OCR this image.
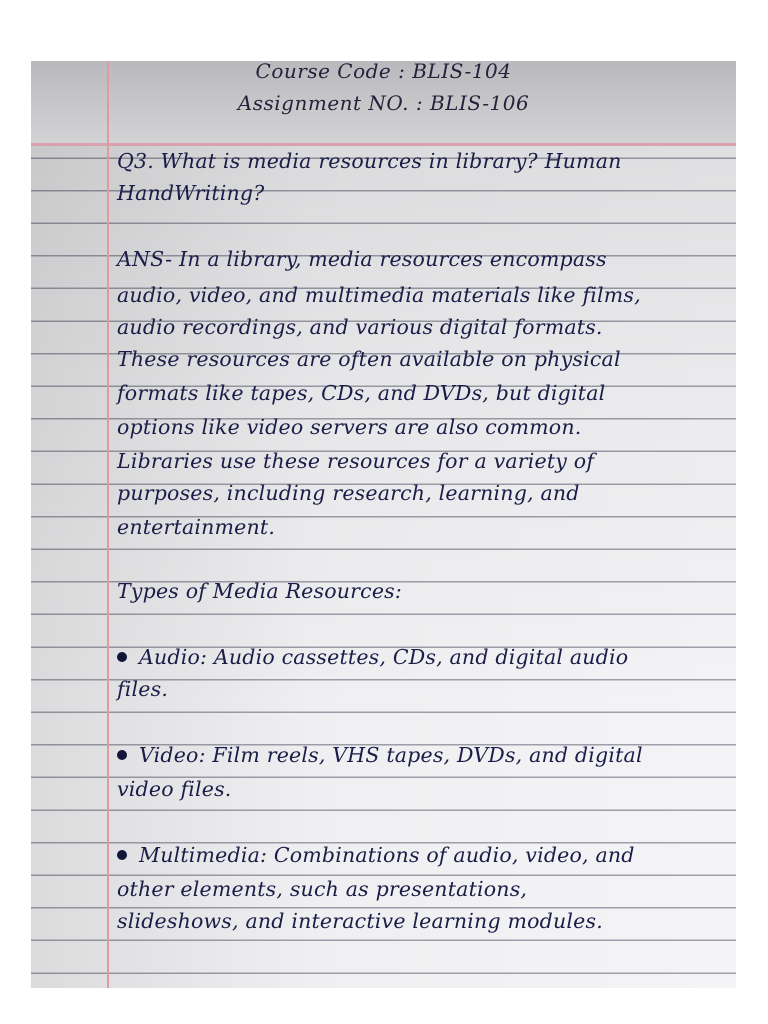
Course Code : BLIS-104
Assignment NO. : BLIS-106
Q3. What is media resources in library? Human
HandWriting?
ANS- In a library, media resources encompass
audio, video, and multimedia materials like films,
audio recordings, and various digital formats.
These resources are often available on physical
formats like tapes, CDs, and DVDs, but digital
options like video servers are also common.
Libraries use these resources for a variety of
purposes, including research, learning, and
entertainment.
Types of Media Resources:
Audio: Audio cassettes, CDs, and digital audio
files.
Video: Film reels, VHS tapes, DVDs, and digital
video files.
Multimedia: Combinations of audio, video, and
other elements, such as presentations,
slideshows, and interactive learning modules.
